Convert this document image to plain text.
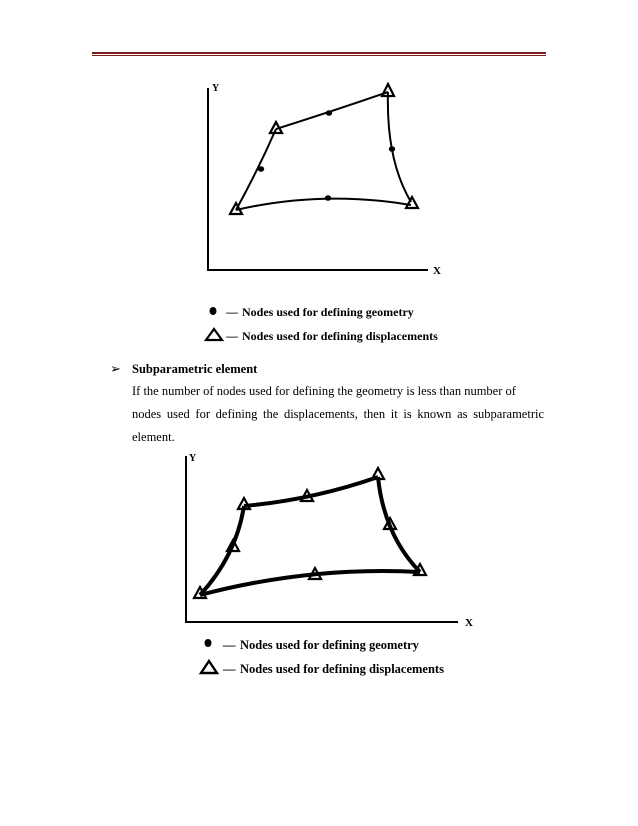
Y
X
— Nodes used for defining geometry
— Nodes used for defining displacements
➢ Subparametric element
If the number of nodes used for defining the geometry is less than number of
nodes used for defining the displacements, then it is known as subparametric
element.
Y
X
— Nodes used for defining geometry
— Nodes used for defining displacements
